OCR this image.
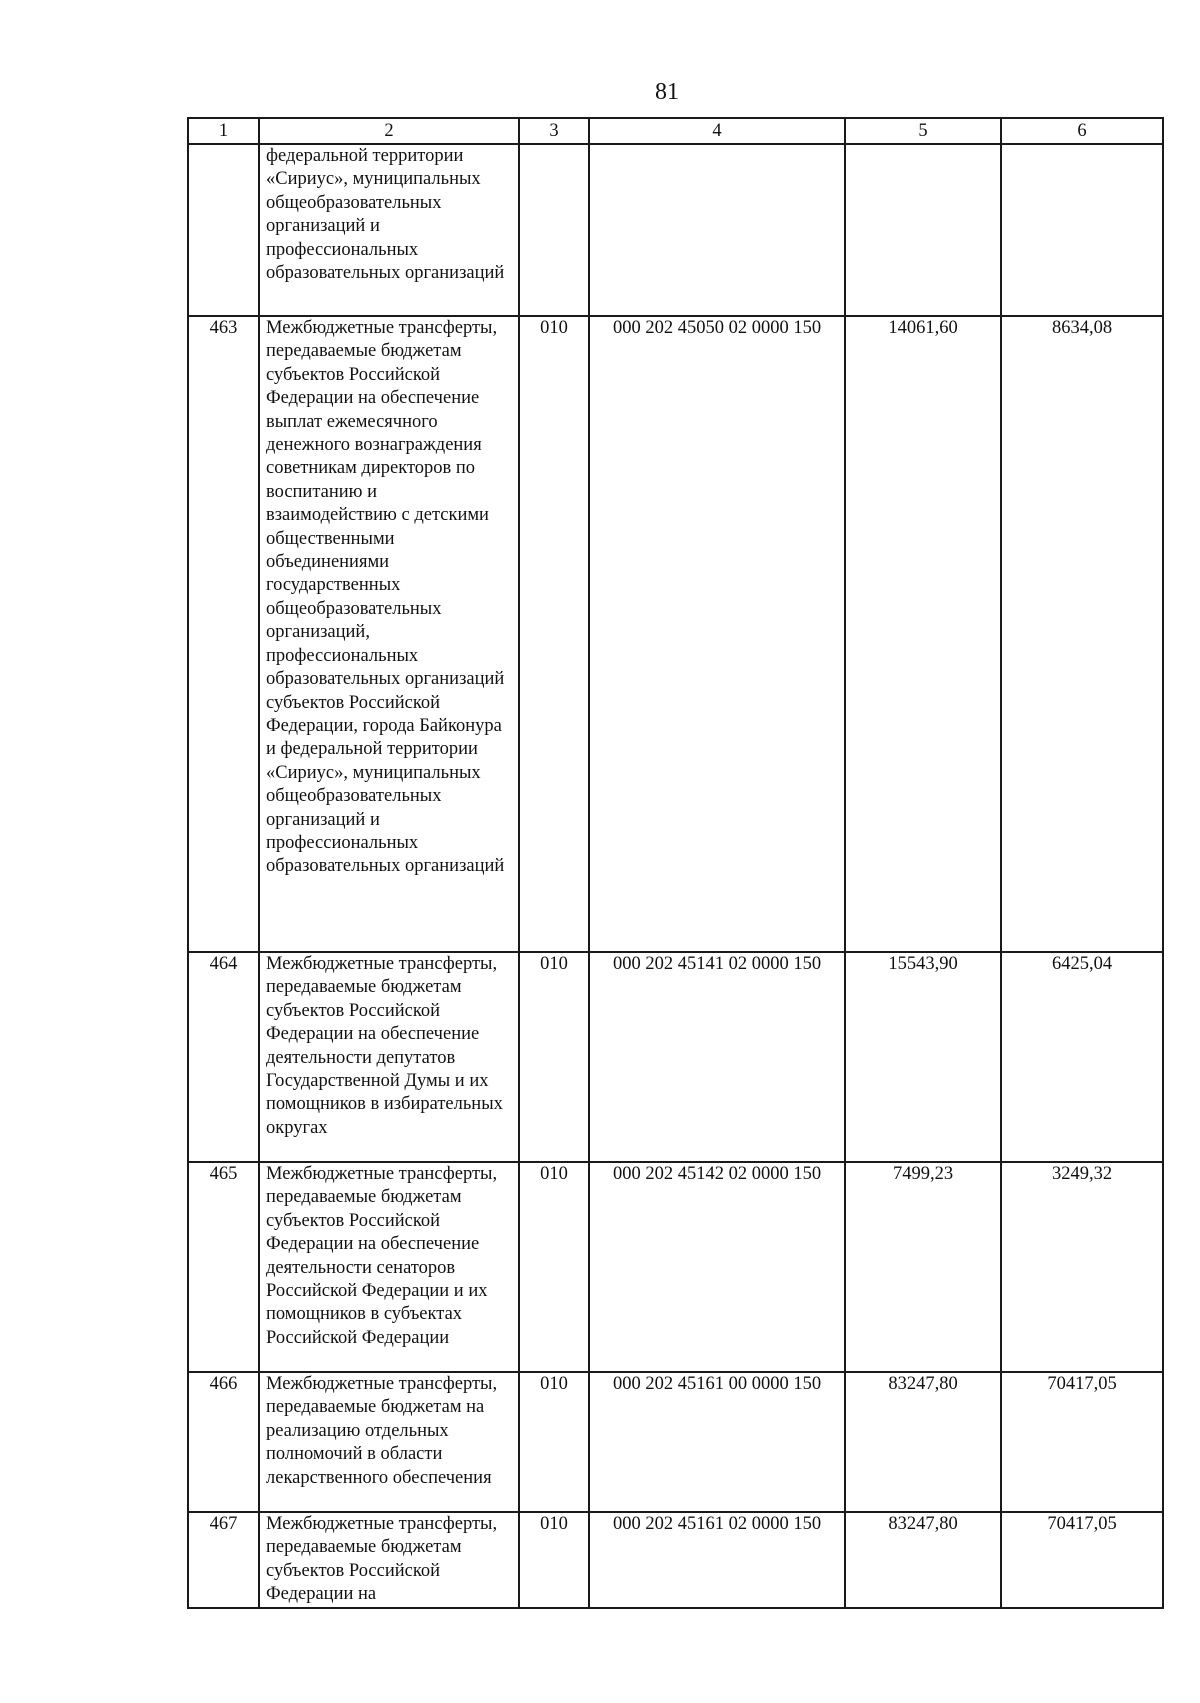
81
1	2	3	4	5	6
	федеральной территории «Сириус», муниципальных общеобразовательных организаций и профессиональных образовательных организаций				
463	Межбюджетные трансферты, передаваемые бюджетам субъектов Российской Федерации на обеспечение выплат ежемесячного денежного вознаграждения советникам директоров по воспитанию и взаимодействию с детскими общественными объединениями государственных общеобразовательных организаций, профессиональных образовательных организаций субъектов Российской Федерации, города Байконура и федеральной территории «Сириус», муниципальных общеобразовательных организаций и профессиональных образовательных организаций	010	000 202 45050 02 0000 150	14061,60	8634,08
464	Межбюджетные трансферты, передаваемые бюджетам субъектов Российской Федерации на обеспечение деятельности депутатов Государственной Думы и их помощников в избирательных округах	010	000 202 45141 02 0000 150	15543,90	6425,04
465	Межбюджетные трансферты, передаваемые бюджетам субъектов Российской Федерации на обеспечение деятельности сенаторов Российской Федерации и их помощников в субъектах Российской Федерации	010	000 202 45142 02 0000 150	7499,23	3249,32
466	Межбюджетные трансферты, передаваемые бюджетам на реализацию отдельных полномочий в области лекарственного обеспечения	010	000 202 45161 00 0000 150	83247,80	70417,05
467	Межбюджетные трансферты, передаваемые бюджетам субъектов Российской Федерации на	010	000 202 45161 02 0000 150	83247,80	70417,05
